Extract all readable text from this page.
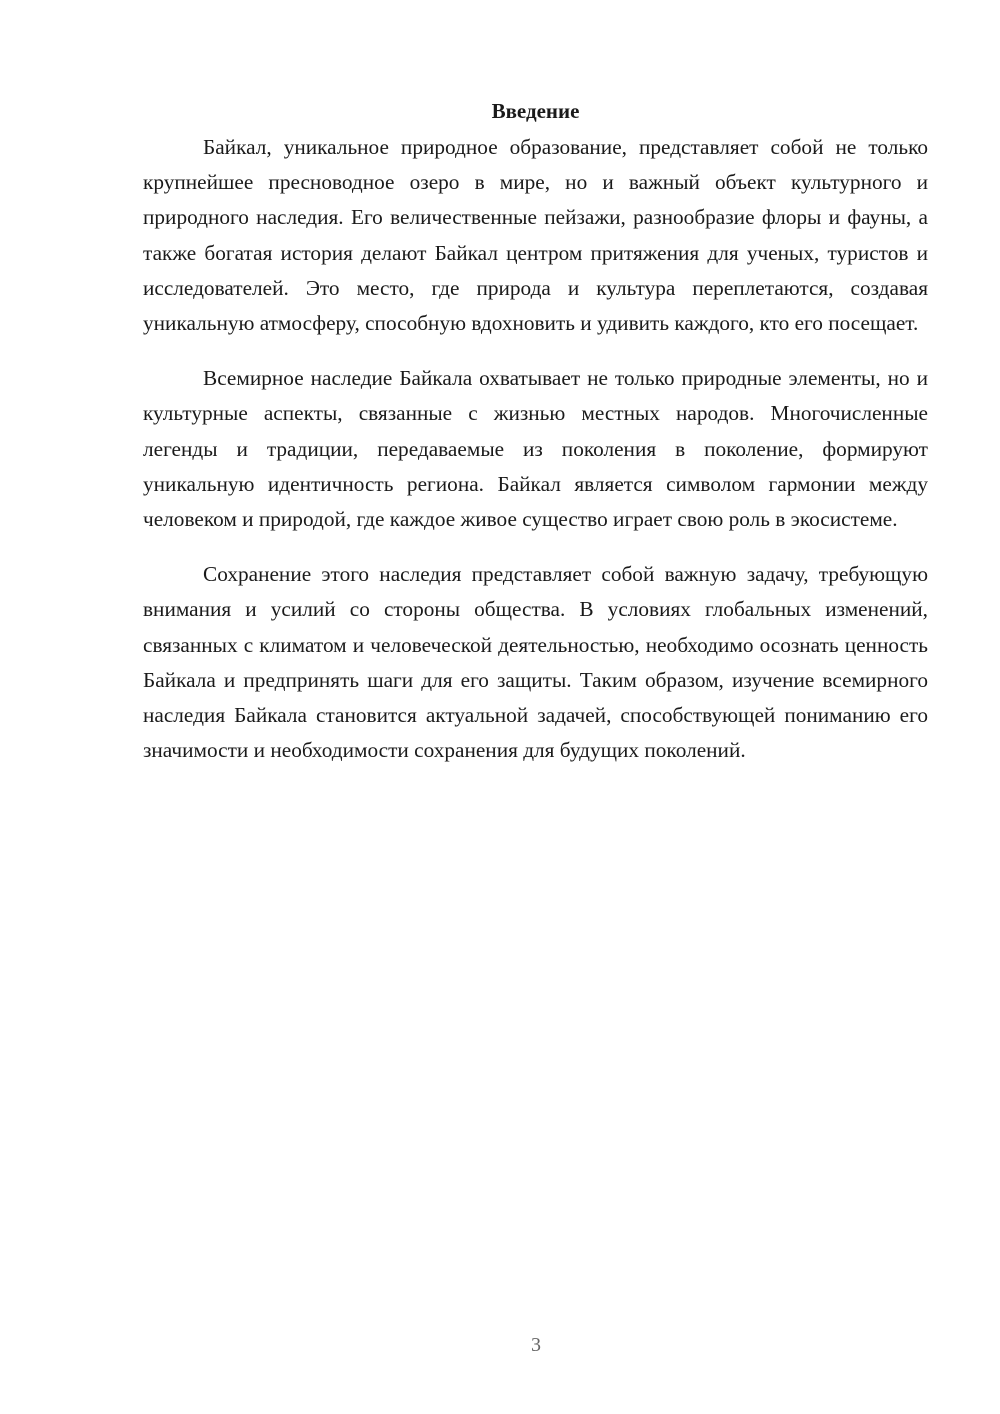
Введение

Байкал, уникальное природное образование, представляет собой не только крупнейшее пресноводное озеро в мире, но и важный объект культурного и природного наследия. Его величественные пейзажи, разнообразие флоры и фауны, а также богатая история делают Байкал центром притяжения для ученых, туристов и исследователей. Это место, где природа и культура переплетаются, создавая уникальную атмосферу, способную вдохновить и удивить каждого, кто его посещает.

Всемирное наследие Байкала охватывает не только природные элементы, но и культурные аспекты, связанные с жизнью местных народов. Многочисленные легенды и традиции, передаваемые из поколения в поколение, формируют уникальную идентичность региона. Байкал является символом гармонии между человеком и природой, где каждое живое существо играет свою роль в экосистеме.

Сохранение этого наследия представляет собой важную задачу, требующую внимания и усилий со стороны общества. В условиях глобальных изменений, связанных с климатом и человеческой деятельностью, необходимо осознать ценность Байкала и предпринять шаги для его защиты. Таким образом, изучение всемирного наследия Байкала становится актуальной задачей, способствующей пониманию его значимости и необходимости сохранения для будущих поколений.

3
